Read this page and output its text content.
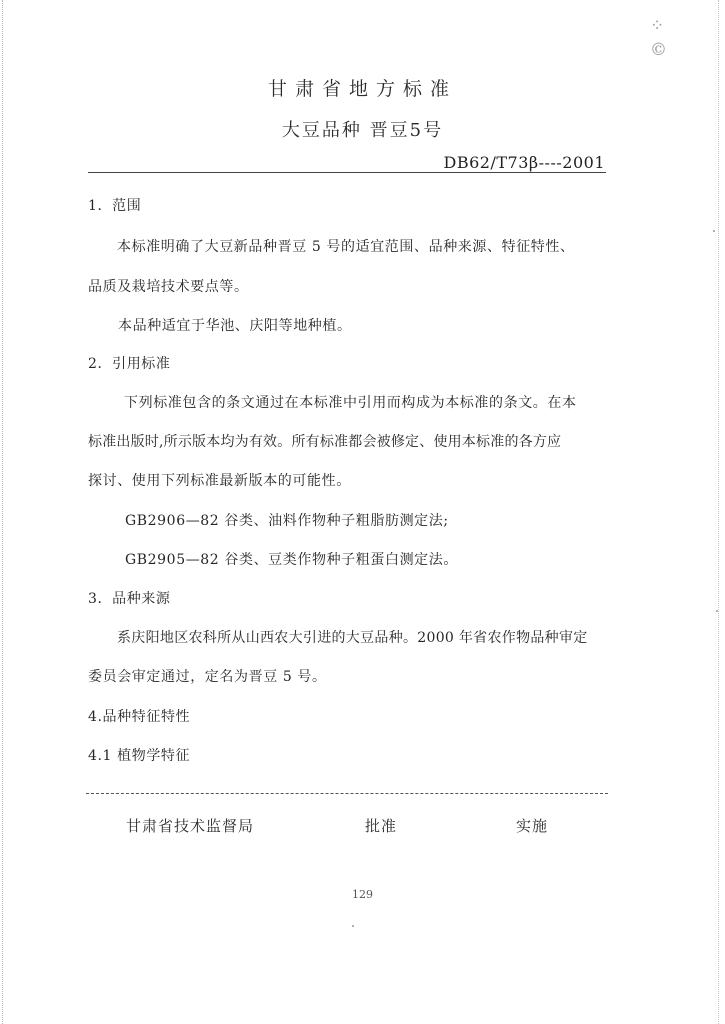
⁘©
甘肃省地方标准
大豆品种 晋豆5号
DB62/T73β----2001
1．范围
本标准明确了大豆新品种晋豆 5 号的适宜范围、品种来源、特征特性、
品质及栽培技术要点等。
本品种适宜于华池、庆阳等地种植。
2．引用标准
下列标准包含的条文通过在本标准中引用而构成为本标准的条文。在本
标准出版时,所示版本均为有效。所有标准都会被修定、使用本标准的各方应
探讨、使用下列标准最新版本的可能性。
GB2906—82 谷类、油料作物种子粗脂肪测定法;
GB2905—82 谷类、豆类作物种子粗蛋白测定法。
3．品种来源
系庆阳地区农科所从山西农大引进的大豆品种。2000 年省农作物品种审定
委员会审定通过，定名为晋豆 5 号。
4.品种特征特性
4.1 植物学特征
甘肃省技术监督局	批准	实施
129
